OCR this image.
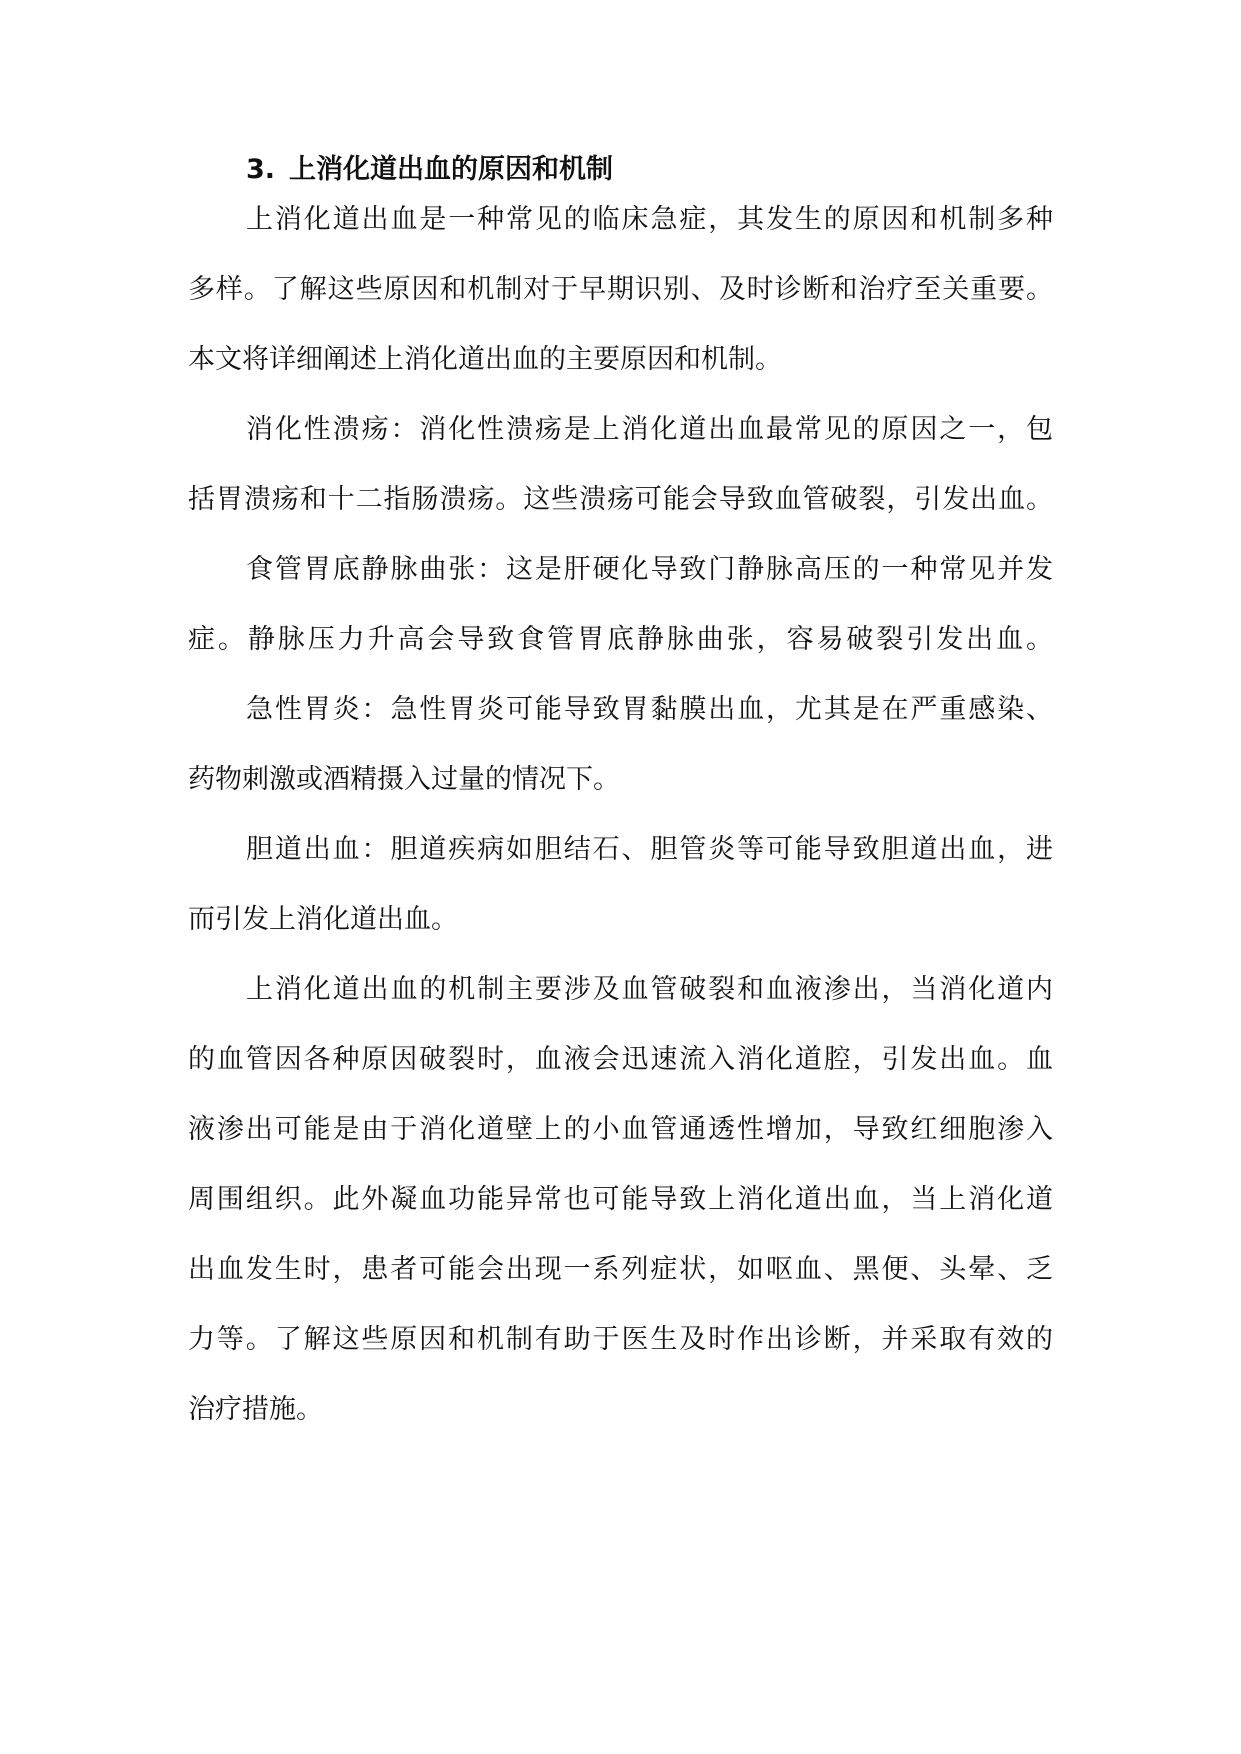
3. 上消化道出血的原因和机制
上消化道出血是一种常见的临床急症，其发生的原因和机制多种
多样。了解这些原因和机制对于早期识别、及时诊断和治疗至关重要。
本文将详细阐述上消化道出血的主要原因和机制。
消化性溃疡：消化性溃疡是上消化道出血最常见的原因之一，包
括胃溃疡和十二指肠溃疡。这些溃疡可能会导致血管破裂，引发出血。
食管胃底静脉曲张：这是肝硬化导致门静脉高压的一种常见并发
症。静脉压力升高会导致食管胃底静脉曲张，容易破裂引发出血。
急性胃炎：急性胃炎可能导致胃黏膜出血，尤其是在严重感染、
药物刺激或酒精摄入过量的情况下。
胆道出血：胆道疾病如胆结石、胆管炎等可能导致胆道出血，进
而引发上消化道出血。
上消化道出血的机制主要涉及血管破裂和血液渗出，当消化道内
的血管因各种原因破裂时，血液会迅速流入消化道腔，引发出血。血
液渗出可能是由于消化道壁上的小血管通透性增加，导致红细胞渗入
周围组织。此外凝血功能异常也可能导致上消化道出血，当上消化道
出血发生时，患者可能会出现一系列症状，如呕血、黑便、头晕、乏
力等。了解这些原因和机制有助于医生及时作出诊断，并采取有效的
治疗措施。
